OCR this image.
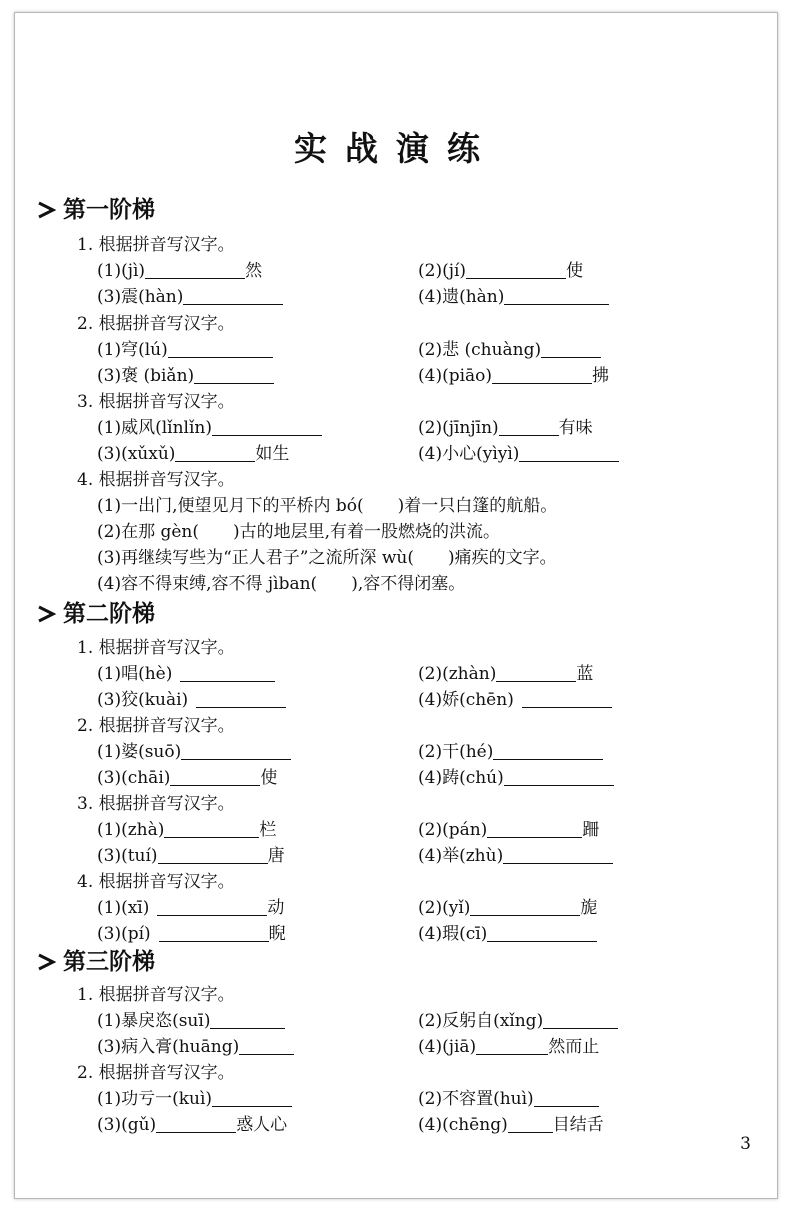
实战演练
第一阶梯
1. 根据拼音写汉字。
(1)(jì)	然	(2)(jí)	使
(3)震(hàn)	(4)遗(hàn)
2. 根据拼音写汉字。
(1)穹(lú)	(2)悲 (chuàng)
(3)褒 (biǎn)	(4)(piāo)	拂
3. 根据拼音写汉字。
(1)威风(lǐnlǐn)	(2)(jīnjīn)	有味
(3)(xǔxǔ)	如生	(4)小心(yìyì)
4. 根据拼音写汉字。
(1)一出门,便望见月下的平桥内 bó(　　)着一只白篷的航船。
(2)在那 gèn(　　)古的地层里,有着一股燃烧的洪流。
(3)再继续写些为“正人君子”之流所深 wù(　　)痛疾的文字。
(4)容不得束缚,容不得 jìban(　　),容不得闭塞。
第二阶梯
1. 根据拼音写汉字。
(1)唱(hè)	(2)(zhàn)	蓝
(3)狡(kuài)	(4)娇(chēn)
2. 根据拼音写汉字。
(1)婆(suō)	(2)干(hé)
(3)(chāi)	使	(4)踌(chú)
3. 根据拼音写汉字。
(1)(zhà)	栏	(2)(pán)	跚
(3)(tuí)	唐	(4)举(zhù)
4. 根据拼音写汉字。
(1)(xī)	动	(2)(yǐ)	旎
(3)(pí)	睨	(4)瑕(cī)
第三阶梯
1. 根据拼音写汉字。
(1)暴戾恣(suī)	(2)反躬自(xǐng)
(3)病入膏(huāng)	(4)(jiā)	然而止
2. 根据拼音写汉字。
(1)功亏一(kuì)	(2)不容置(huì)
(3)(gǔ)	惑人心	(4)(chēng)	目结舌
3
